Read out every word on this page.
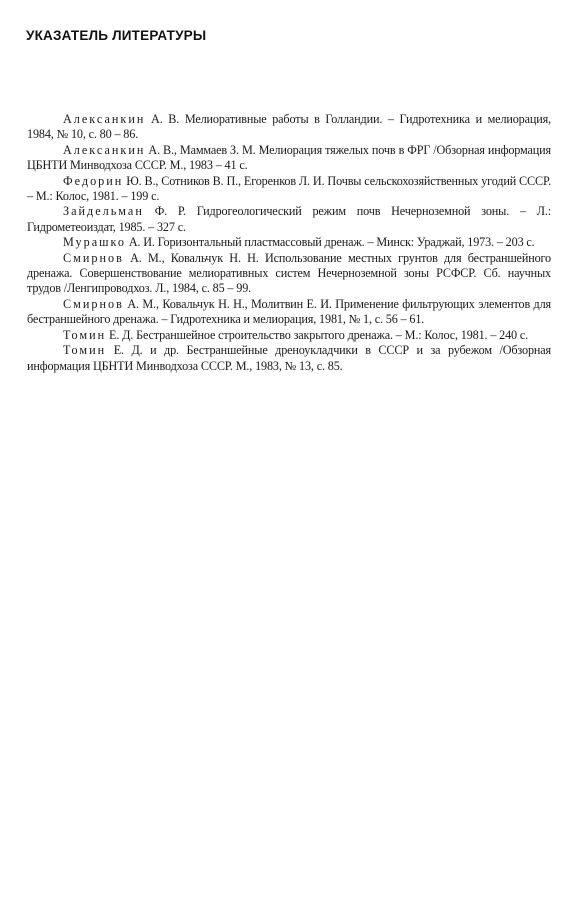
УКАЗАТЕЛЬ ЛИТЕРАТУРЫ
Алексанкин А. В. Мелиоративные работы в Голландии. – Гидротехника и мелиорация, 1984, № 10, с. 80 – 86.
Алексанкин А. В., Маммаев З. М. Мелиорация тяжелых почв в ФРГ /Обзорная информация ЦБНТИ Минводхоза СССР. М., 1983 – 41 с.
Федорин Ю. В., Сотников В. П., Егоренков Л. И. Почвы сельскохозяйственных угодий СССР. – М.: Колос, 1981. – 199 с.
Зайдельман Ф. Р. Гидрогеологический режим почв Нечерноземной зоны. – Л.: Гидрометеоиздат, 1985. – 327 с.
Мурашко А. И. Горизонтальный пластмассовый дренаж. – Минск: Ураджай, 1973. – 203 с.
Смирнов А. М., Ковальчук Н. Н. Использование местных грунтов для бестраншейного дренажа. Совершенствование мелиоративных систем Нечерноземной зоны РСФСР. Сб. научных трудов /Ленгипроводхоз. Л., 1984, с. 85 – 99.
Смирнов А. М., Ковальчук Н. Н., Молитвин Е. И. Применение фильтрующих элементов для бестраншейного дренажа. – Гидротехника и мелиорация, 1981, № 1, с. 56 – 61.
Томин Е. Д. Бестраншейное строительство закрытого дренажа. – М.: Колос, 1981. – 240 с.
Томин Е. Д. и др. Бестраншейные дреноукладчики в СССР и за рубежом /Обзорная информация ЦБНТИ Минводхоза СССР. М., 1983, № 13, с. 85.
